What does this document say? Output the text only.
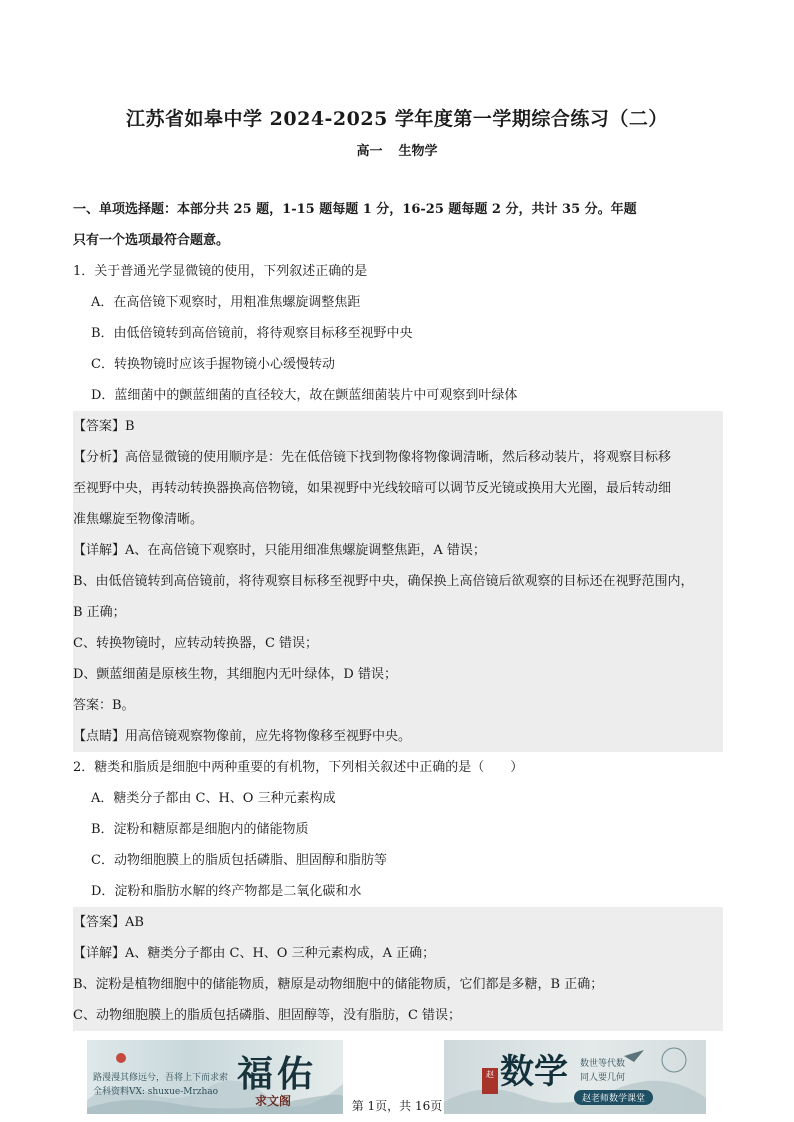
江苏省如皋中学 2024-2025 学年度第一学期综合练习（二）
高一 生物学
一、单项选择题：本部分共 25 题，1-15 题每题 1 分，16-25 题每题 2 分，共计 35 分。年题
只有一个选项最符合题意。
1．关于普通光学显微镜的使用，下列叙述正确的是
A．在高倍镜下观察时，用粗准焦螺旋调整焦距
B．由低倍镜转到高倍镜前，将待观察目标移至视野中央
C．转换物镜时应该手握物镜小心缓慢转动
D．蓝细菌中的颤蓝细菌的直径较大，故在颤蓝细菌装片中可观察到叶绿体
【答案】B
【分析】高倍显微镜的使用顺序是：先在低倍镜下找到物像将物像调清晰，然后移动装片，将观察目标移
至视野中央，再转动转换器换高倍物镜，如果视野中光线较暗可以调节反光镜或换用大光圈，最后转动细
准焦螺旋至物像清晰。
【详解】A、在高倍镜下观察时，只能用细准焦螺旋调整焦距，A 错误；
B、由低倍镜转到高倍镜前，将待观察目标移至视野中央，确保换上高倍镜后欲观察的目标还在视野范围内，
B 正确；
C、转换物镜时，应转动转换器，C 错误；
D、颤蓝细菌是原核生物，其细胞内无叶绿体，D 错误；
答案：B。
【点睛】用高倍镜观察物像前，应先将物像移至视野中央。
2．糖类和脂质是细胞中两种重要的有机物，下列相关叙述中正确的是（　　）
A．糖类分子都由 C、H、O 三种元素构成
B．淀粉和糖原都是细胞内的储能物质
C．动物细胞膜上的脂质包括磷脂、胆固醇和脂肪等
D．淀粉和脂肪水解的终产物都是二氧化碳和水
【答案】AB
【详解】A、糖类分子都由 C、H、O 三种元素构成，A 正确；
B、淀粉是植物细胞中的储能物质，糖原是动物细胞中的储能物质，它们都是多糖，B 正确；
C、动物细胞膜上的脂质包括磷脂、胆固醇等，没有脂肪，C 错误；
路漫漫其修远兮，吾将上下而求索
全科资料VX: shuxue-Mrzhao 福佑
求文阁
赵 数学 数世等代数
同人要几何
赵老师数学课堂
第 1页，共 16页
